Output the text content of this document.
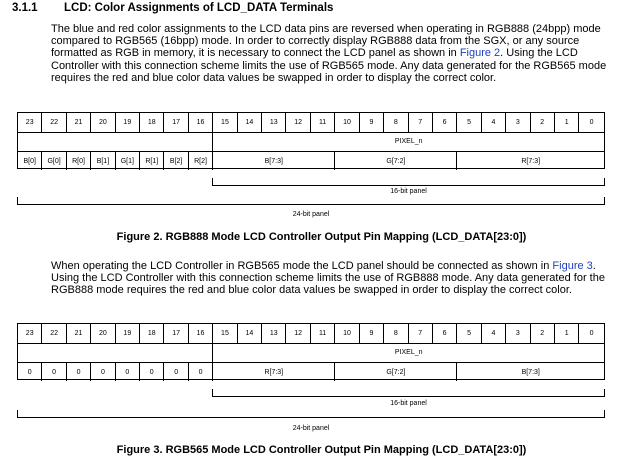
3.1.1 LCD: Color Assignments of LCD_DATA Terminals
The blue and red color assignments to the LCD data pins are reversed when operating in RGB888 (24bpp) mode compared to RGB565 (16bpp) mode. In order to correctly display RGB888 data from the SGX, or any source formatted as RGB in memory, it is necessary to connect the LCD panel as shown in Figure 2. Using the LCD Controller with this connection scheme limits the use of RGB565 mode. Any data generated for the RGB565 mode requires the red and blue color data values be swapped in order to display the correct color.
23	22	21	20	19	18	17	16	15	14	13	12	11	10	9	8	7	6	5	4	3	2	1	0
PIXEL_n
B[0]	G[0]	R[0]	B[1]	G[1]	R[1]	B[2]	R[2]	B[7:3]	G[7:2]	R[7:3]
16-bit panel
24-bit panel
Figure 2. RGB888 Mode LCD Controller Output Pin Mapping (LCD_DATA[23:0])
When operating the LCD Controller in RGB565 mode the LCD panel should be connected as shown in Figure 3. Using the LCD Controller with this connection scheme limits the use of RGB888 mode. Any data generated for the RGB888 mode requires the red and blue color data values be swapped in order to display the correct color.
23	22	21	20	19	18	17	16	15	14	13	12	11	10	9	8	7	6	5	4	3	2	1	0
PIXEL_n
0	0	0	0	0	0	0	0	R[7:3]	G[7:2]	B[7:3]
16-bit panel
24-bit panel
Figure 3. RGB565 Mode LCD Controller Output Pin Mapping (LCD_DATA[23:0])
